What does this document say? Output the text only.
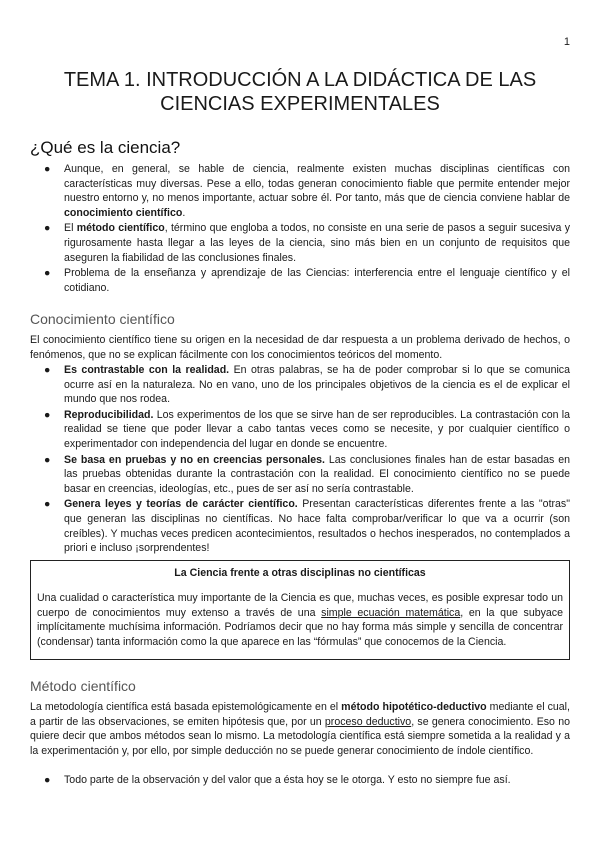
1
TEMA 1. INTRODUCCIÓN A LA DIDÁCTICA DE LAS CIENCIAS EXPERIMENTALES
¿Qué es la ciencia?
● Aunque, en general, se hable de ciencia, realmente existen muchas disciplinas científicas con características muy diversas. Pese a ello, todas generan conocimiento fiable que permite entender mejor nuestro entorno y, no menos importante, actuar sobre él. Por tanto, más que de ciencia conviene hablar de conocimiento científico.
● El método científico, término que engloba a todos, no consiste en una serie de pasos a seguir sucesiva y rigurosamente hasta llegar a las leyes de la ciencia, sino más bien en un conjunto de requisitos que aseguren la fiabilidad de las conclusiones finales.
● Problema de la enseñanza y aprendizaje de las Ciencias: interferencia entre el lenguaje científico y el cotidiano.
Conocimiento científico

El conocimiento científico tiene su origen en la necesidad de dar respuesta a un problema derivado de hechos, o fenómenos, que no se explican fácilmente con los conocimientos teóricos del momento.

● Es contrastable con la realidad. En otras palabras, se ha de poder comprobar si lo que se comunica ocurre así en la naturaleza. No en vano, uno de los principales objetivos de la ciencia es el de explicar el mundo que nos rodea.
● Reproducibilidad. Los experimentos de los que se sirve han de ser reproducibles. La contrastación con la realidad se tiene que poder llevar a cabo tantas veces como se necesite, y por cualquier científico o experimentador con independencia del lugar en donde se encuentre.
● Se basa en pruebas y no en creencias personales. Las conclusiones finales han de estar basadas en las pruebas obtenidas durante la contrastación con la realidad. El conocimiento científico no se puede basar en creencias, ideologías, etc., pues de ser así no sería contrastable.
● Genera leyes y teorías de carácter científico. Presentan características diferentes frente a las "otras" que generan las disciplinas no científicas. No hace falta comprobar/verificar lo que va a ocurrir (son creíbles). Y muchas veces predicen acontecimientos, resultados o hechos inesperados, no contemplados a priori e incluso ¡sorprendentes!
La Ciencia frente a otras disciplinas no científicas
Una cualidad o característica muy importante de la Ciencia es que, muchas veces, es posible expresar todo un cuerpo de conocimientos muy extenso a través de una simple ecuación matemática, en la que subyace implícitamente muchísima información. Podríamos decir que no hay forma más simple y sencilla de concentrar (condensar) tanta información como la que aparece en las “fórmulas” que conocemos de la Ciencia.
Método científico

La metodología científica está basada epistemológicamente en el método hipotético-deductivo mediante el cual, a partir de las observaciones, se emiten hipótesis que, por un proceso deductivo, se genera conocimiento. Eso no quiere decir que ambos métodos sean lo mismo. La metodología científica está siempre sometida a la realidad y a la experimentación y, por ello, por simple deducción no se puede generar conocimiento de índole científico.

● Todo parte de la observación y del valor que a ésta hoy se le otorga. Y esto no siempre fue así.
